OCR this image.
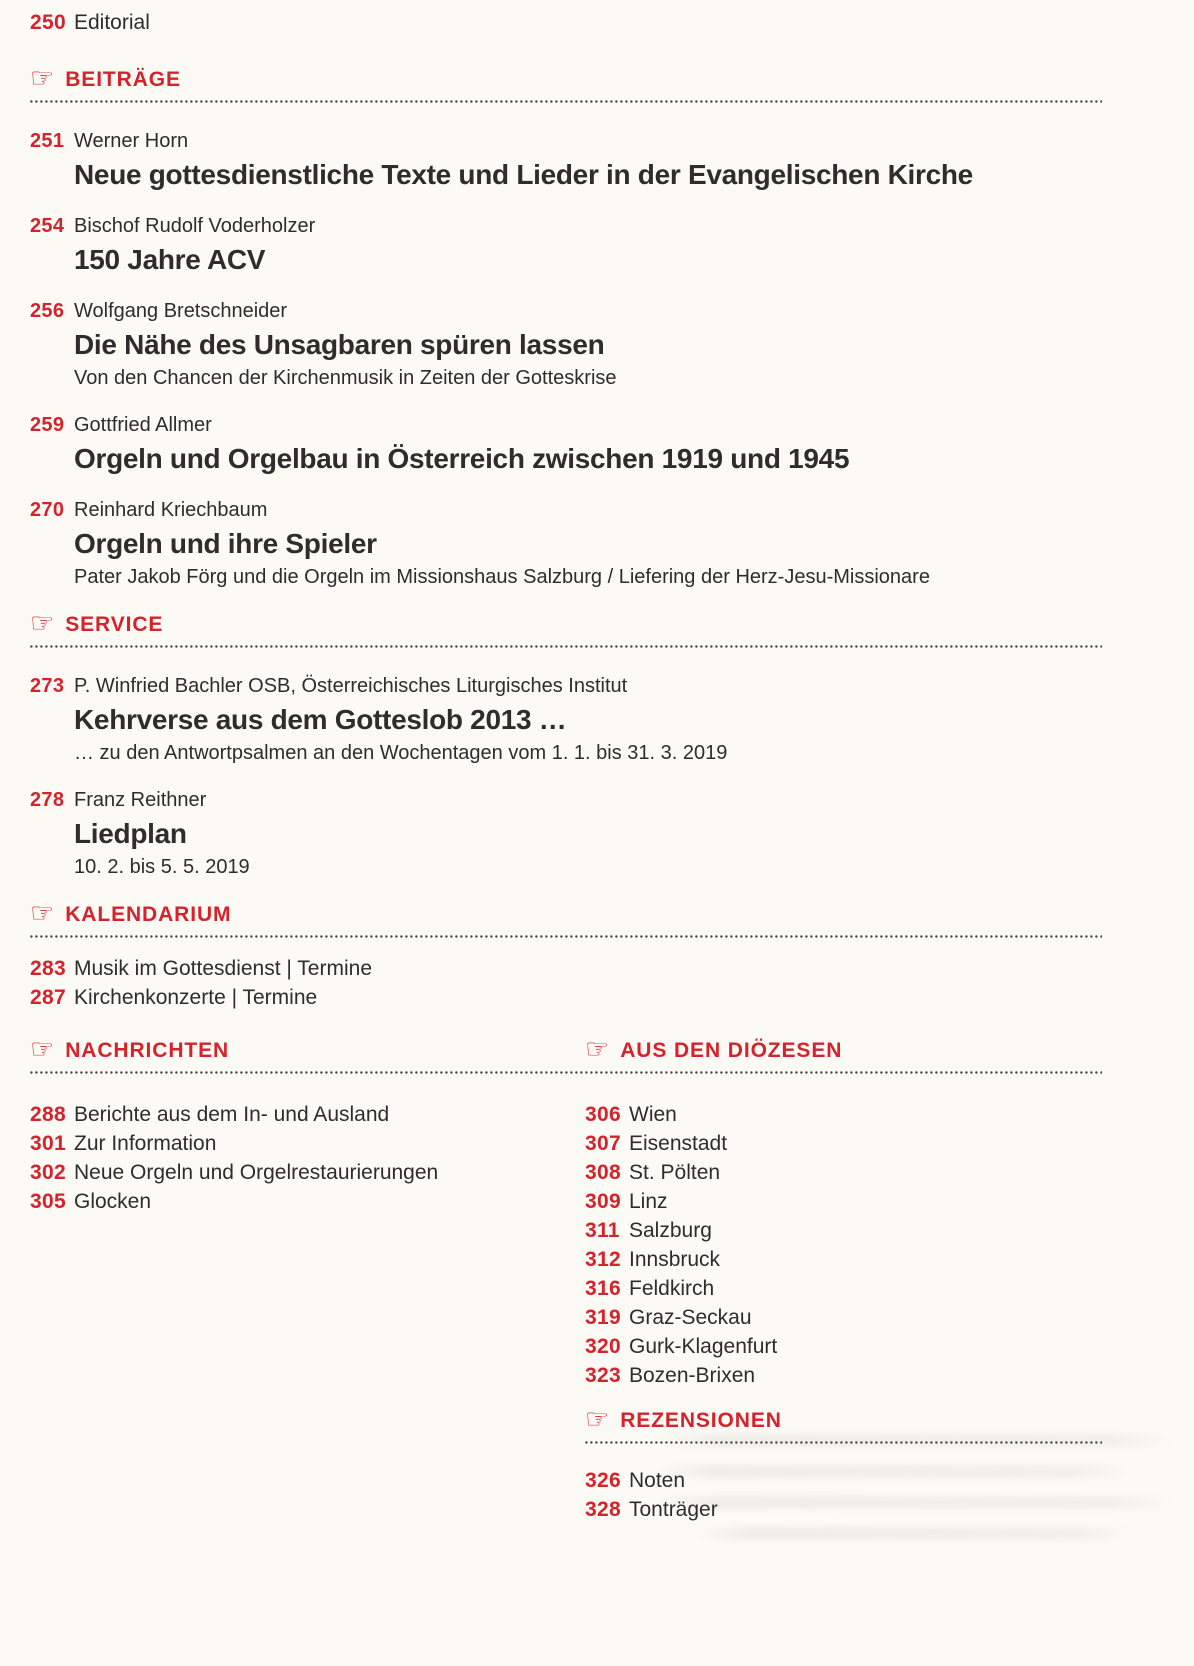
250 Editorial
☞ BEITRÄGE
251 Werner Horn
Neue gottesdienstliche Texte und Lieder in der Evangelischen Kirche
254 Bischof Rudolf Voderholzer
150 Jahre ACV
256 Wolfgang Bretschneider
Die Nähe des Unsagbaren spüren lassen
Von den Chancen der Kirchenmusik in Zeiten der Gotteskrise
259 Gottfried Allmer
Orgeln und Orgelbau in Österreich zwischen 1919 und 1945
270 Reinhard Kriechbaum
Orgeln und ihre Spieler
Pater Jakob Förg und die Orgeln im Missionshaus Salzburg / Liefering der Herz-Jesu-Missionare
☞ SERVICE
273 P. Winfried Bachler OSB, Österreichisches Liturgisches Institut
Kehrverse aus dem Gotteslob 2013 …
… zu den Antwortpsalmen an den Wochentagen vom 1. 1. bis 31. 3. 2019
278 Franz Reithner
Liedplan
10. 2. bis 5. 5. 2019
☞ KALENDARIUM
283 Musik im Gottesdienst | Termine
287 Kirchenkonzerte | Termine
☞ NACHRICHTEN
288 Berichte aus dem In- und Ausland
301 Zur Information
302 Neue Orgeln und Orgelrestaurierungen
305 Glocken
☞ AUS DEN DIÖZESEN
306 Wien
307 Eisenstadt
308 St. Pölten
309 Linz
311 Salzburg
312 Innsbruck
316 Feldkirch
319 Graz-Seckau
320 Gurk-Klagenfurt
323 Bozen-Brixen
☞ REZENSIONEN
326 Noten
328 Tonträger
